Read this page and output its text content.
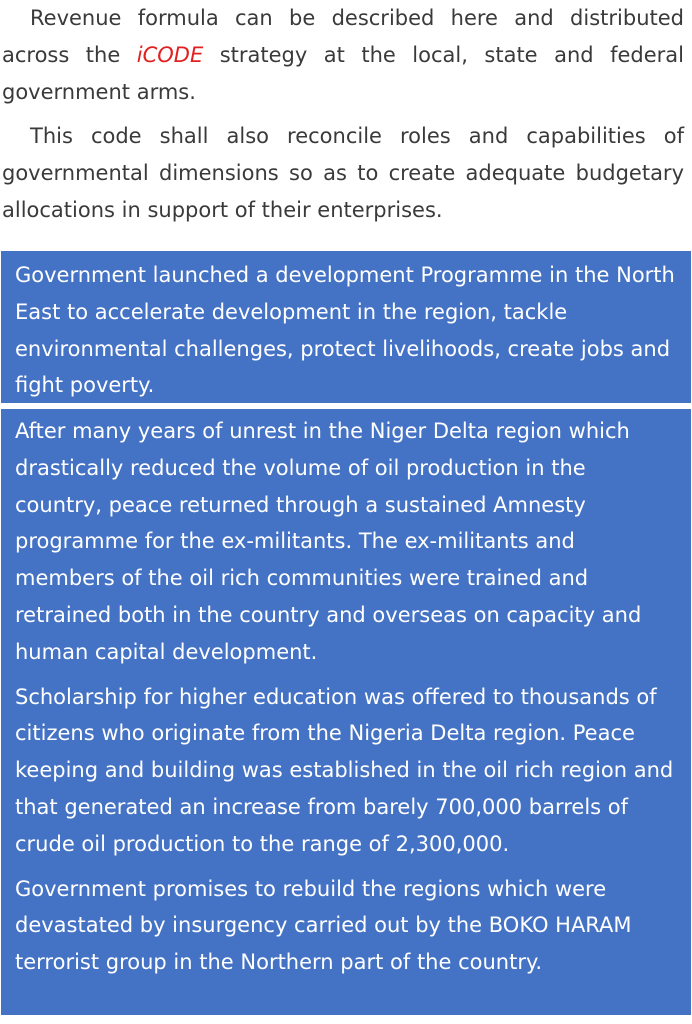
Revenue formula can be described here and distributed across the iCODE strategy at the local, state and federal government arms.

This code shall also reconcile roles and capabilities of governmental dimensions so as to create adequate budgetary allocations in support of their enterprises.

Government launched a development Programme in the North East to accelerate development in the region, tackle environmental challenges, protect livelihoods, create jobs and fight poverty.

After many years of unrest in the Niger Delta region which drastically reduced the volume of oil production in the country, peace returned through a sustained Amnesty programme for the ex-militants. The ex-militants and members of the oil rich communities were trained and retrained both in the country and overseas on capacity and human capital development.

Scholarship for higher education was offered to thousands of citizens who originate from the Nigeria Delta region. Peace keeping and building was established in the oil rich region and that generated an increase from barely 700,000 barrels of crude oil production to the range of 2,300,000.

Government promises to rebuild the regions which were devastated by insurgency carried out by the BOKO HARAM terrorist group in the Northern part of the country.
